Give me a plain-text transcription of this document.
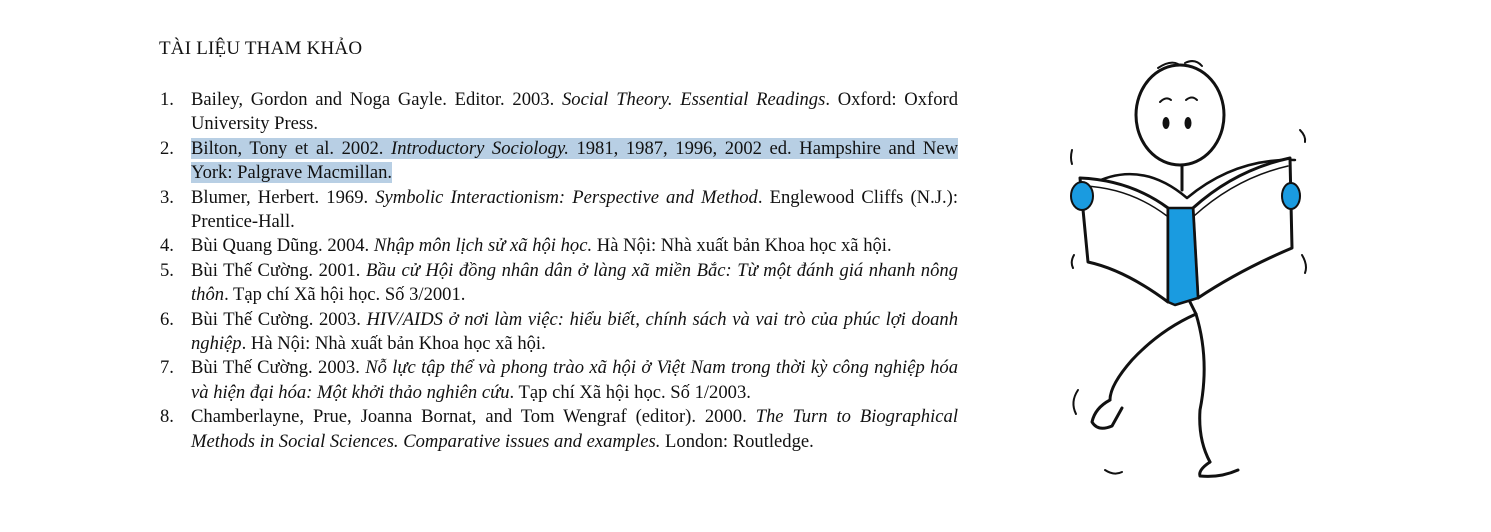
TÀI LIỆU THAM KHẢO
1. Bailey, Gordon and Noga Gayle. Editor. 2003. Social Theory. Essential Readings. Oxford: Oxford University Press.
2. Bilton, Tony et al. 2002. Introductory Sociology. 1981, 1987, 1996, 2002 ed. Hampshire and New York: Palgrave Macmillan.
3. Blumer, Herbert. 1969. Symbolic Interactionism: Perspective and Method. Englewood Cliffs (N.J.): Prentice-Hall.
4. Bùi Quang Dũng. 2004. Nhập môn lịch sử xã hội học. Hà Nội: Nhà xuất bản Khoa học xã hội.
5. Bùi Thế Cường. 2001. Bầu cử Hội đồng nhân dân ở làng xã miền Bắc: Từ một đánh giá nhanh nông thôn. Tạp chí Xã hội học. Số 3/2001.
6. Bùi Thế Cường. 2003. HIV/AIDS ở nơi làm việc: hiểu biết, chính sách và vai trò của phúc lợi doanh nghiệp. Hà Nội: Nhà xuất bản Khoa học xã hội.
7. Bùi Thế Cường. 2003. Nỗ lực tập thể và phong trào xã hội ở Việt Nam trong thời kỳ công nghiệp hóa và hiện đại hóa: Một khởi thảo nghiên cứu. Tạp chí Xã hội học. Số 1/2003.
8. Chamberlayne, Prue, Joanna Bornat, and Tom Wengraf (editor). 2000. The Turn to Biographical Methods in Social Sciences. Comparative issues and examples. London: Routledge.
